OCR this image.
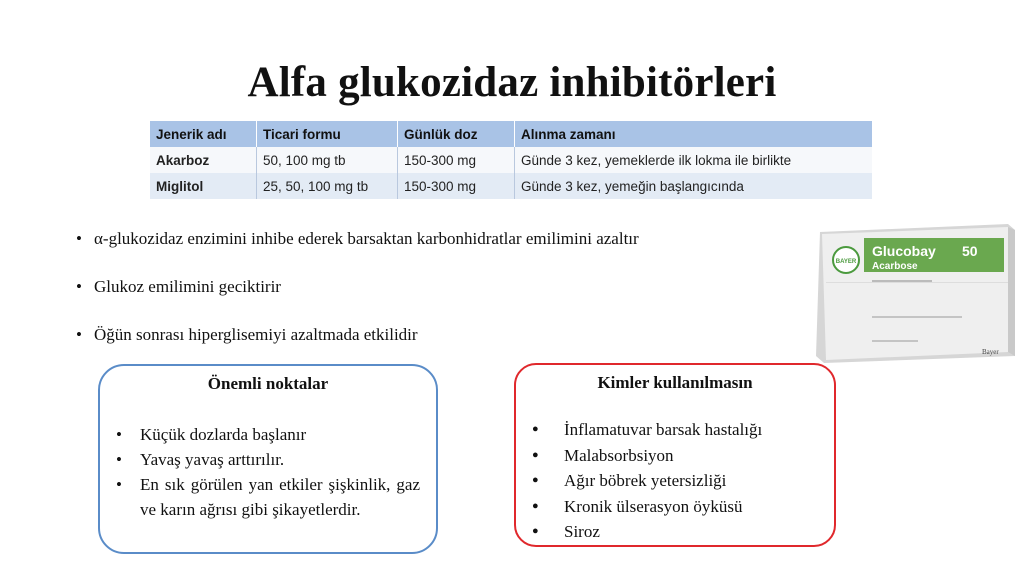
Alfa glukozidaz inhibitörleri
Jenerik adı	Ticari formu	Günlük doz	Alınma zamanı
Akarboz	50, 100 mg tb	150-300 mg	Günde 3 kez, yemeklerde ilk lokma ile birlikte
Miglitol	25, 50, 100 mg tb	150-300 mg	Günde 3 kez, yemeğin başlangıcında
• α-glukozidaz enzimini inhibe ederek barsaktan karbonhidratlar emilimini azaltır
• Glukoz emilimini geciktirir
• Öğün sonrası hiperglisemiyi azaltmada etkilidir
Glucobay 50
Acarbose
BAYER
Bayer
Önemli noktalar
• Küçük dozlarda başlanır
• Yavaş yavaş arttırılır.
• En sık görülen yan etkiler şişkinlik, gaz ve karın ağrısı gibi şikayetlerdir.
Kimler kullanılmasın
● İnflamatuvar barsak hastalığı
● Malabsorbsiyon
● Ağır böbrek yetersizliği
● Kronik ülserasyon öyküsü
● Siroz
